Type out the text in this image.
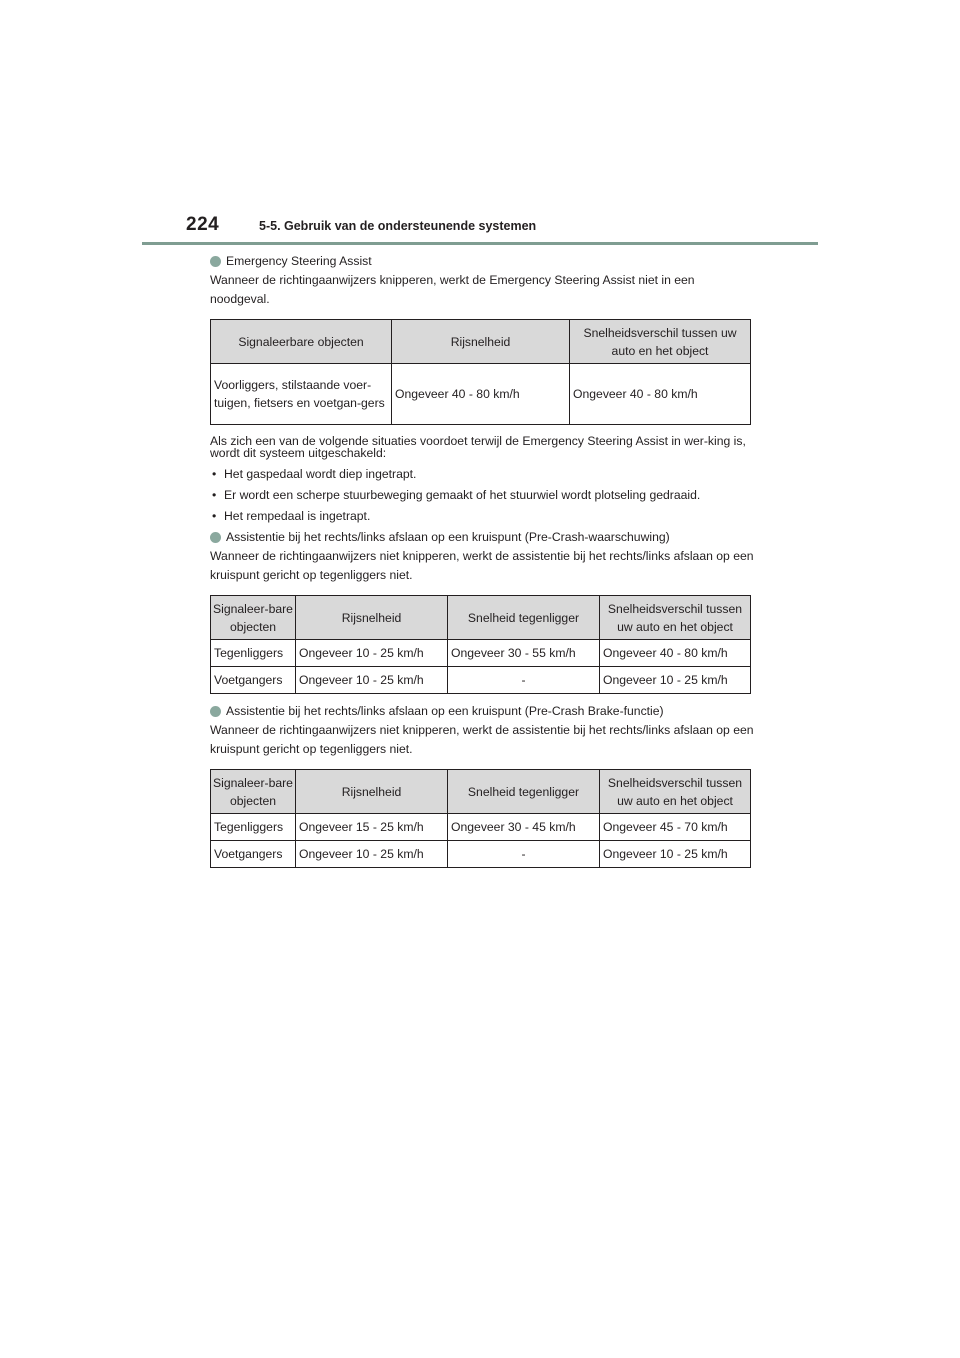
224	5-5. Gebruik van de ondersteunende systemen

Emergency Steering Assist

Wanneer de richtingaanwijzers knipperen, werkt de Emergency Steering Assist niet in een noodgeval.

Signaleerbare objecten	Rijsnelheid	Snelheidsverschil tussen uw auto en het object
Voorliggers, stilstaande voer-tuigen, fietsers en voetgan-gers	Ongeveer 40 - 80 km/h	Ongeveer 40 - 80 km/h

Als zich een van de volgende situaties voordoet terwijl de Emergency Steering Assist in wer-king is, wordt dit systeem uitgeschakeld:

• Het gaspedaal wordt diep ingetrapt.

• Er wordt een scherpe stuurbeweging gemaakt of het stuurwiel wordt plotseling gedraaid.

• Het rempedaal is ingetrapt.

Assistentie bij het rechts/links afslaan op een kruispunt (Pre-Crash-waarschuwing)

Wanneer de richtingaanwijzers niet knipperen, werkt de assistentie bij het rechts/links afslaan op een kruispunt gericht op tegenliggers niet.

Signaleer-bare objecten	Rijsnelheid	Snelheid tegenligger	Snelheidsverschil tussen uw auto en het object
Tegenliggers	Ongeveer 10 - 25 km/h	Ongeveer 30 - 55 km/h	Ongeveer 40 - 80 km/h
Voetgangers	Ongeveer 10 - 25 km/h	-	Ongeveer 10 - 25 km/h

Assistentie bij het rechts/links afslaan op een kruispunt (Pre-Crash Brake-functie)

Wanneer de richtingaanwijzers niet knipperen, werkt de assistentie bij het rechts/links afslaan op een kruispunt gericht op tegenliggers niet.

Signaleer-bare objecten	Rijsnelheid	Snelheid tegenligger	Snelheidsverschil tussen uw auto en het object
Tegenliggers	Ongeveer 15 - 25 km/h	Ongeveer 30 - 45 km/h	Ongeveer 45 - 70 km/h
Voetgangers	Ongeveer 10 - 25 km/h	-	Ongeveer 10 - 25 km/h
